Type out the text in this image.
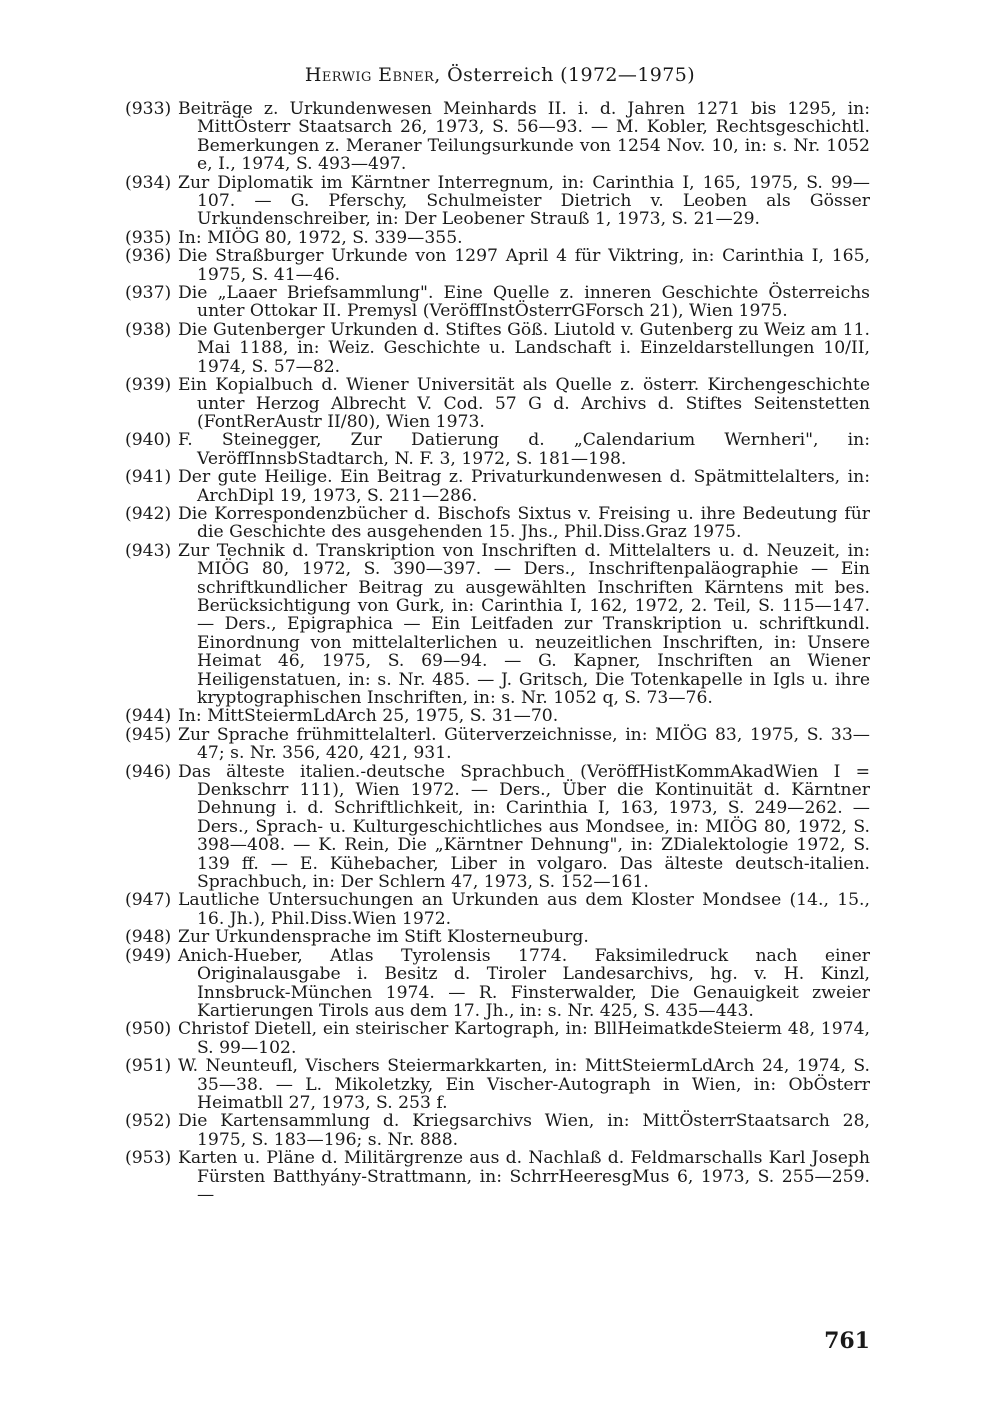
Herwig Ebner, Österreich (1972—1975)

(933) Beiträge z. Urkundenwesen Meinhards II. i. d. Jahren 1271 bis 1295, in: MittÖsterr Staatsarch 26, 1973, S. 56—93. — M. Kobler, Rechtsgeschichtl. Bemerkungen z. Meraner Teilungsurkunde von 1254 Nov. 10, in: s. Nr. 1052 e, I., 1974, S. 493—497.

(934) Zur Diplomatik im Kärntner Interregnum, in: Carinthia I, 165, 1975, S. 99—107. — G. Pferschy, Schulmeister Dietrich v. Leoben als Gösser Urkundenschreiber, in: Der Leobener Strauß 1, 1973, S. 21—29.

(935) In: MIÖG 80, 1972, S. 339—355.

(936) Die Straßburger Urkunde von 1297 April 4 für Viktring, in: Carinthia I, 165, 1975, S. 41—46.

(937) Die „Laaer Briefsammlung". Eine Quelle z. inneren Geschichte Österreichs unter Ottokar II. Premysl (VeröffInstÖsterrGForsch 21), Wien 1975.

(938) Die Gutenberger Urkunden d. Stiftes Göß. Liutold v. Gutenberg zu Weiz am 11. Mai 1188, in: Weiz. Geschichte u. Landschaft i. Einzeldarstellungen 10/II, 1974, S. 57—82.

(939) Ein Kopialbuch d. Wiener Universität als Quelle z. österr. Kirchengeschichte unter Herzog Albrecht V. Cod. 57 G d. Archivs d. Stiftes Seitenstetten (FontRerAustr II/80), Wien 1973.

(940) F. Steinegger, Zur Datierung d. „Calendarium Wernheri", in: VeröffInnsbStadtarch, N. F. 3, 1972, S. 181—198.

(941) Der gute Heilige. Ein Beitrag z. Privaturkundenwesen d. Spätmittelalters, in: ArchDipl 19, 1973, S. 211—286.

(942) Die Korrespondenzbücher d. Bischofs Sixtus v. Freising u. ihre Bedeutung für die Geschichte des ausgehenden 15. Jhs., Phil.Diss.Graz 1975.

(943) Zur Technik d. Transkription von Inschriften d. Mittelalters u. d. Neuzeit, in: MIÖG 80, 1972, S. 390—397. — Ders., Inschriftenpaläographie — Ein schriftkundlicher Beitrag zu ausgewählten Inschriften Kärntens mit bes. Berücksichtigung von Gurk, in: Carinthia I, 162, 1972, 2. Teil, S. 115—147. — Ders., Epigraphica — Ein Leitfaden zur Transkription u. schriftkundl. Einordnung von mittelalterlichen u. neuzeitlichen Inschriften, in: Unsere Heimat 46, 1975, S. 69—94. — G. Kapner, Inschriften an Wiener Heiligenstatuen, in: s. Nr. 485. — J. Gritsch, Die Totenkapelle in Igls u. ihre kryptographischen Inschriften, in: s. Nr. 1052 q, S. 73—76.

(944) In: MittSteiermLdArch 25, 1975, S. 31—70.

(945) Zur Sprache frühmittelalterl. Güterverzeichnisse, in: MIÖG 83, 1975, S. 33—47; s. Nr. 356, 420, 421, 931.

(946) Das älteste italien.-deutsche Sprachbuch (VeröffHistKommAkadWien I = Denkschrr 111), Wien 1972. — Ders., Über die Kontinuität d. Kärntner Dehnung i. d. Schriftlichkeit, in: Carinthia I, 163, 1973, S. 249—262. — Ders., Sprach- u. Kulturgeschichtliches aus Mondsee, in: MIÖG 80, 1972, S. 398—408. — K. Rein, Die „Kärntner Dehnung", in: ZDialektologie 1972, S. 139 ff. — E. Kühebacher, Liber in volgaro. Das älteste deutsch-italien. Sprachbuch, in: Der Schlern 47, 1973, S. 152—161.

(947) Lautliche Untersuchungen an Urkunden aus dem Kloster Mondsee (14., 15., 16. Jh.), Phil.Diss.Wien 1972.

(948) Zur Urkundensprache im Stift Klosterneuburg.

(949) Anich-Hueber, Atlas Tyrolensis 1774. Faksimiledruck nach einer Originalausgabe i. Besitz d. Tiroler Landesarchivs, hg. v. H. Kinzl, Innsbruck-München 1974. — R. Finsterwalder, Die Genauigkeit zweier Kartierungen Tirols aus dem 17. Jh., in: s. Nr. 425, S. 435—443.

(950) Christof Dietell, ein steirischer Kartograph, in: BllHeimatkdeSteierm 48, 1974, S. 99—102.

(951) W. Neunteufl, Vischers Steiermarkkarten, in: MittSteiermLdArch 24, 1974, S. 35—38. — L. Mikoletzky, Ein Vischer-Autograph in Wien, in: ObÖsterr Heimatbll 27, 1973, S. 253 f.

(952) Die Kartensammlung d. Kriegsarchivs Wien, in: MittÖsterrStaatsarch 28, 1975, S. 183—196; s. Nr. 888.

(953) Karten u. Pläne d. Militärgrenze aus d. Nachlaß d. Feldmarschalls Karl Joseph Fürsten Batthyány-Strattmann, in: SchrrHeeresgMus 6, 1973, S. 255—259. —

761
